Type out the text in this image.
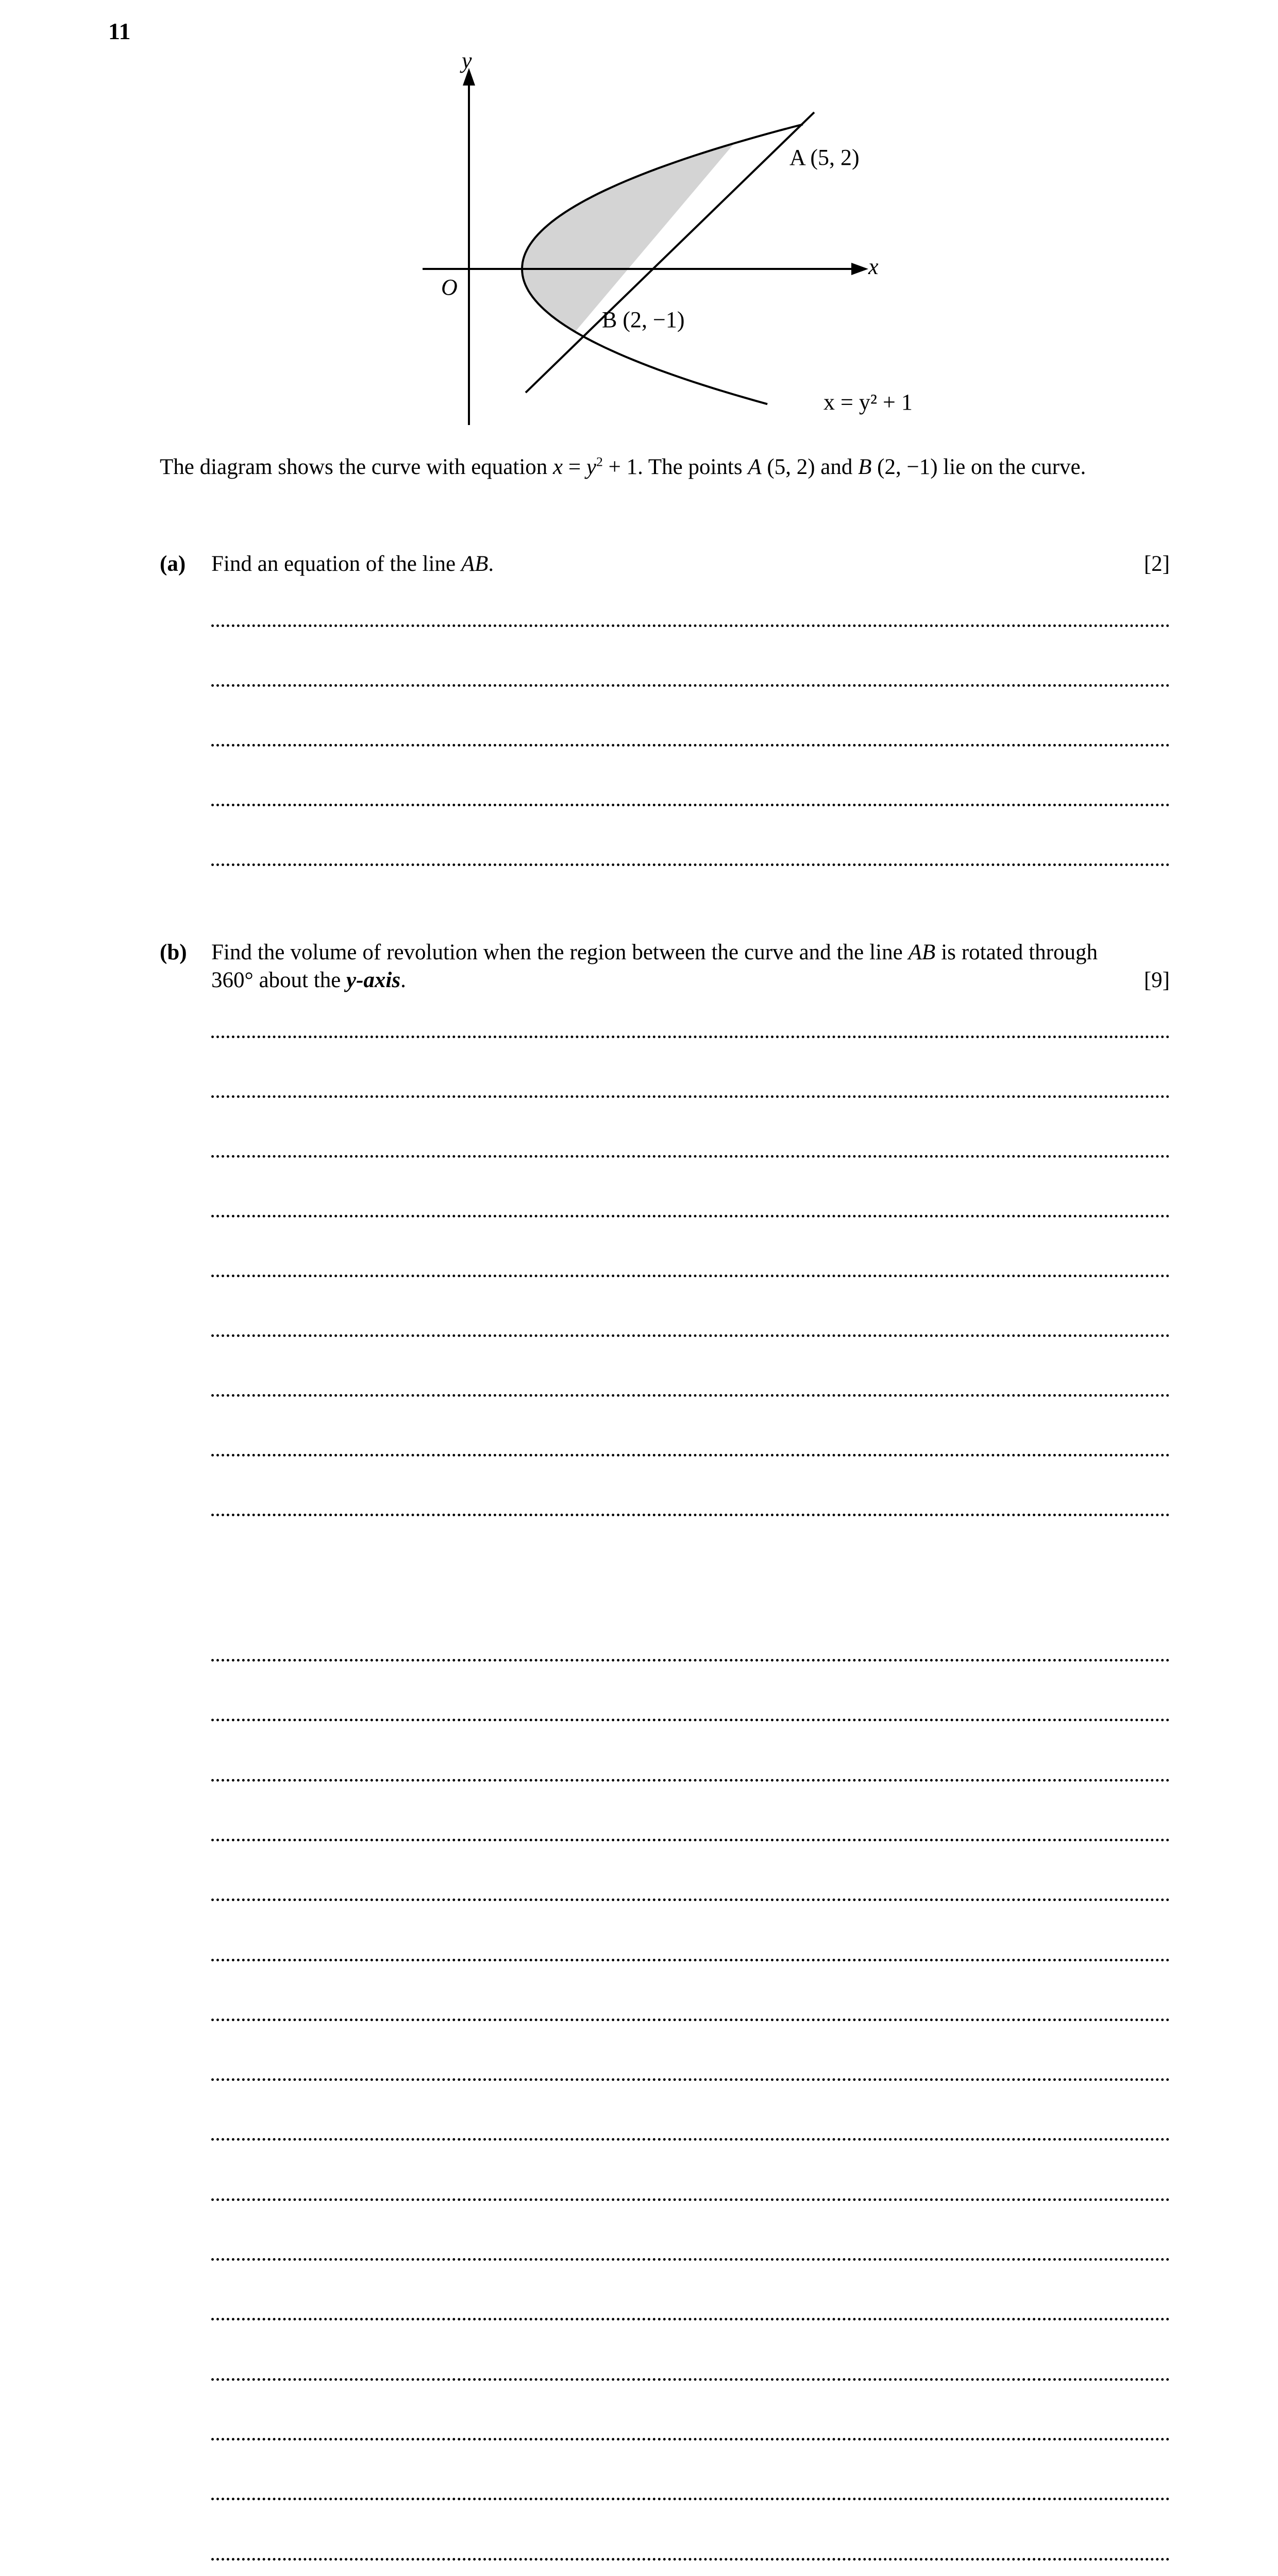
11
x
y
O
A (5, 2)
B (2, −1)
x = y² + 1
The diagram shows the curve with equation $x = y^2 + 1$. The points A (5, 2) and B (2, −1) lie on the curve.
(a) Find an equation of the line AB.	[2]
(b) Find the volume of revolution when the region between the curve and the line AB is rotated through 360° about the y-axis.	[9]
